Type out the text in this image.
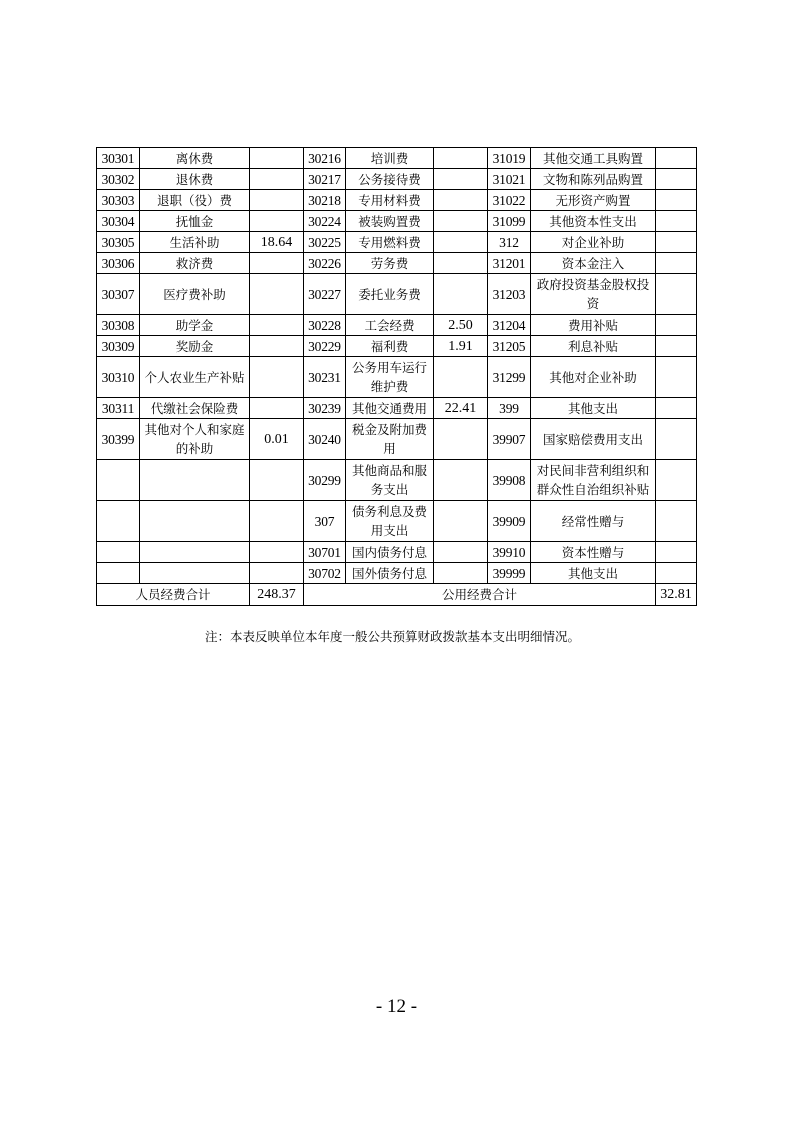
30301	离休费		30216	培训费		31019	其他交通工具购置	
30302	退休费		30217	公务接待费		31021	文物和陈列品购置	
30303	退职（役）费		30218	专用材料费		31022	无形资产购置	
30304	抚恤金		30224	被装购置费		31099	其他资本性支出	
30305	生活补助	18.64	30225	专用燃料费		312	对企业补助	
30306	救济费		30226	劳务费		31201	资本金注入	
30307	医疗费补助		30227	委托业务费		31203	政府投资基金股权投资	
30308	助学金		30228	工会经费	2.50	31204	费用补贴	
30309	奖励金		30229	福利费	1.91	31205	利息补贴	
30310	个人农业生产补贴		30231	公务用车运行维护费		31299	其他对企业补助	
30311	代缴社会保险费		30239	其他交通费用	22.41	399	其他支出	
30399	其他对个人和家庭的补助	0.01	30240	税金及附加费用		39907	国家赔偿费用支出	
			30299	其他商品和服务支出		39908	对民间非营利组织和群众性自治组织补贴	
			307	债务利息及费用支出		39909	经常性赠与	
			30701	国内债务付息		39910	资本性赠与	
			30702	国外债务付息		39999	其他支出	
人员经费合计		248.37	公用经费合计					32.81
注：本表反映单位本年度一般公共预算财政拨款基本支出明细情况。
- 12 -
